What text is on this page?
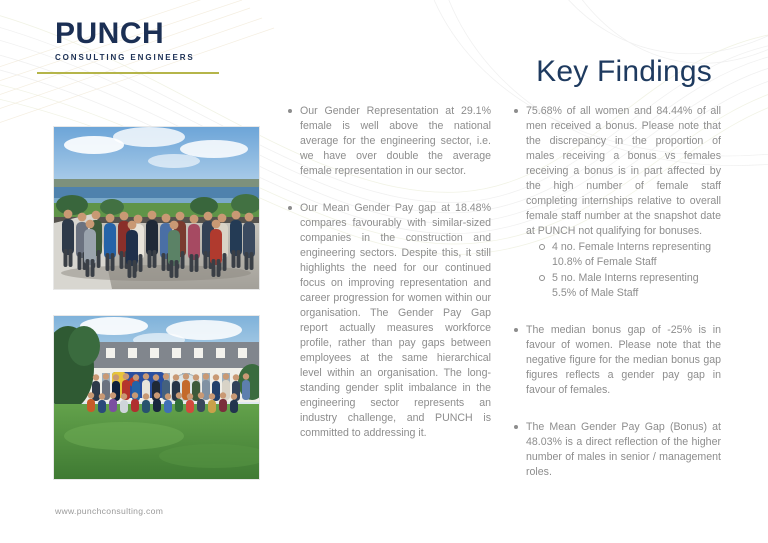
PUNCH
CONSULTING ENGINEERS	Key Findings
Our Gender Representation at 29.1% female is well above the national average for the engineering sector, i.e. we have over double the average female representation in our sector.
Our Mean Gender Pay gap at 18.48% compares favourably with similar-sized companies in the construction and engineering sectors. Despite this, it still highlights the need for our continued focus on improving representation and career progression for women within our organisation. The Gender Pay Gap report actually measures workforce profile, rather than pay gaps between employees at the same hierarchical level within an organisation. The long-standing gender split imbalance in the engineering sector represents an industry challenge, and PUNCH is committed to addressing it.
75.68% of all women and 84.44% of all men received a bonus. Please note that the discrepancy in the proportion of males receiving a bonus vs females receiving a bonus is in part affected by the high number of female staff completing internships relative to overall female staff number at the snapshot date at PUNCH not qualifying for bonuses.
4 no. Female Interns representing 10.8% of Female Staff
5 no. Male Interns representing 5.5% of Male Staff
The median bonus gap of -25% is in favour of women. Please note that the negative figure for the median bonus gap figures reflects a gender pay gap in favour of females.
The Mean Gender Pay Gap (Bonus) at 48.03% is a direct reflection of the higher number of males in senior / management roles.
www.punchconsulting.com
